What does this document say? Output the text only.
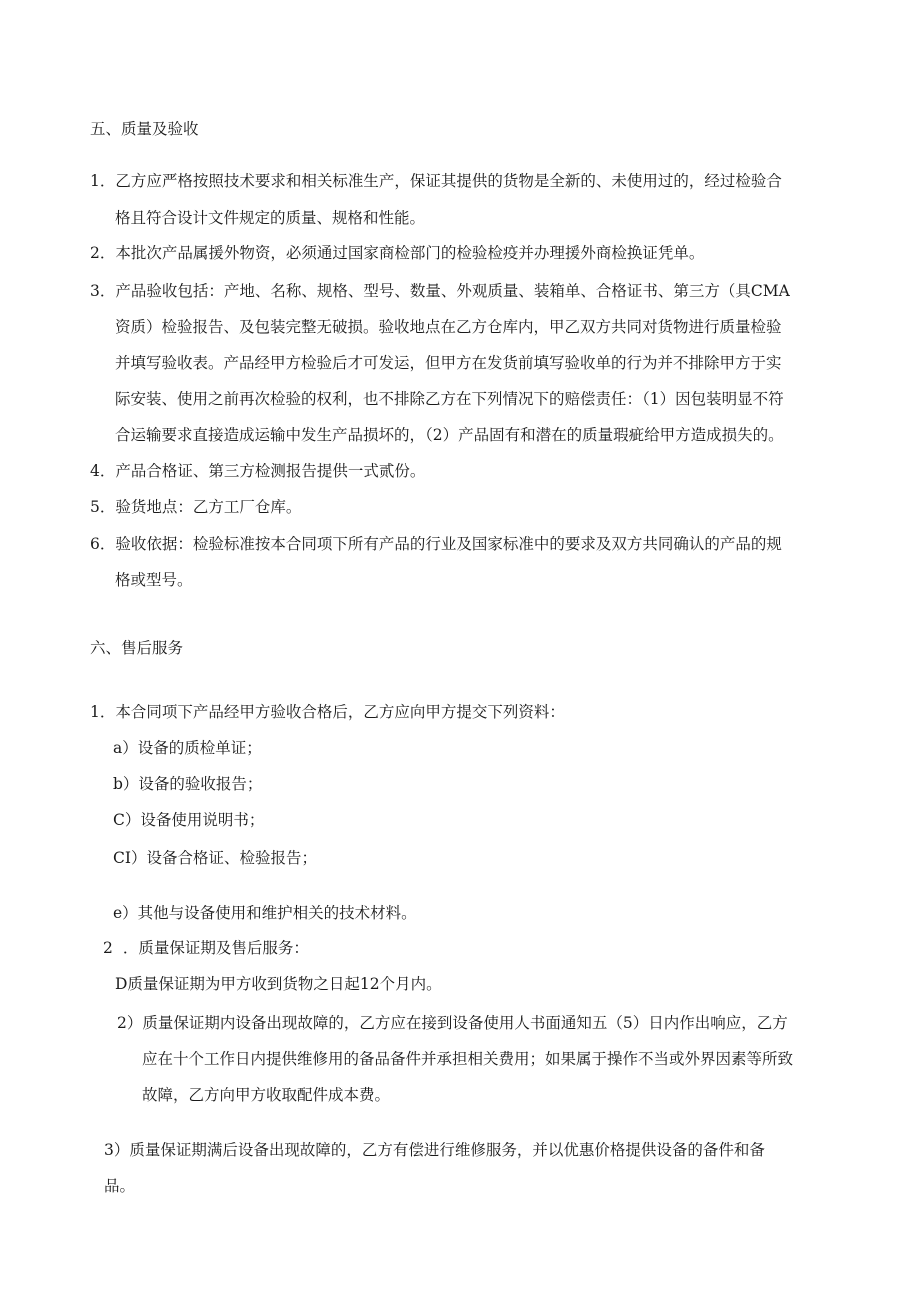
五、质量及验收
1．乙方应严格按照技术要求和相关标准生产，保证其提供的货物是全新的、未使用过的，经过检验合
格且符合设计文件规定的质量、规格和性能。
2．本批次产品属援外物资，必须通过国家商检部门的检验检疫并办理援外商检换证凭单。
3．产品验收包括：产地、名称、规格、型号、数量、外观质量、装箱单、合格证书、第三方（具CMA
资质）检验报告、及包装完整无破损。验收地点在乙方仓库内，甲乙双方共同对货物进行质量检验
并填写验收表。产品经甲方检验后才可发运，但甲方在发货前填写验收单的行为并不排除甲方于实
际安装、使用之前再次检验的权利，也不排除乙方在下列情况下的赔偿责任：（1）因包装明显不符
合运输要求直接造成运输中发生产品损坏的，（2）产品固有和潜在的质量瑕疵给甲方造成损失的。
4．产品合格证、第三方检测报告提供一式贰份。
5．验货地点：乙方工厂仓库。
6．验收依据：检验标准按本合同项下所有产品的行业及国家标准中的要求及双方共同确认的产品的规
格或型号。
六、售后服务
1．本合同项下产品经甲方验收合格后，乙方应向甲方提交下列资料：
a）设备的质检单证；
b）设备的验收报告；
C）设备使用说明书；
CI）设备合格证、检验报告；
e）其他与设备使用和维护相关的技术材料。
2 ．质量保证期及售后服务：
D质量保证期为甲方收到货物之日起12个月内。
2）质量保证期内设备出现故障的，乙方应在接到设备使用人书面通知五（5）日内作出响应，乙方
应在十个工作日内提供维修用的备品备件并承担相关费用；如果属于操作不当或外界因素等所致
故障，乙方向甲方收取配件成本费。
3）质量保证期满后设备出现故障的，乙方有偿进行维修服务，并以优惠价格提供设备的备件和备
品。
